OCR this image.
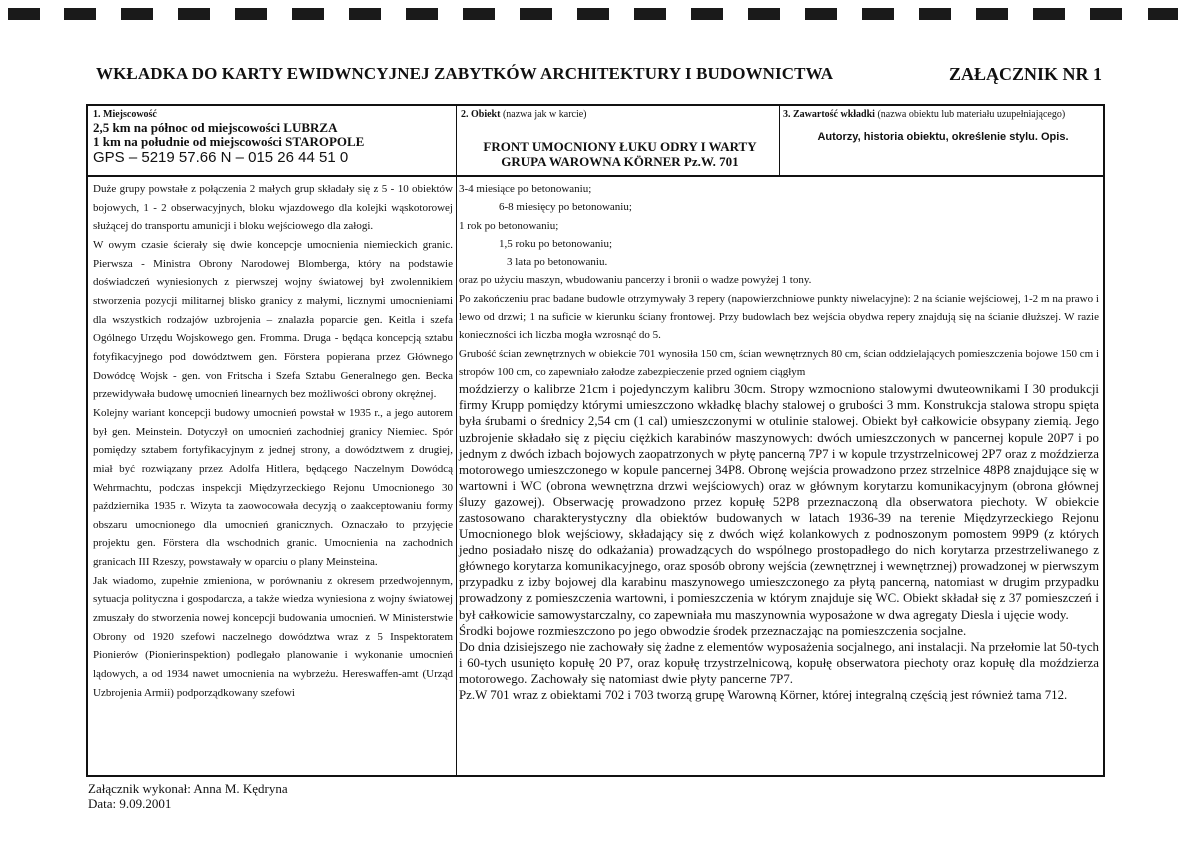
WKŁADKA DO KARTY EWIDWNCYJNEJ ZABYTKÓW ARCHITEKTURY I BUDOWNICTWA	ZAŁĄCZNIK NR 1
1. Miejscowość
2,5 km na północ od miejscowości LUBRZA
1 km na południe od miejscowości STAROPOLE
GPS – 5219 57.66 N – 015 26 44 51 0
2. Obiekt (nazwa jak w karcie)
FRONT UMOCNIONY ŁUKU ODRY I WARTY
GRUPA WAROWNA KÖRNER Pz.W. 701
3. Zawartość wkładki (nazwa obiektu lub materiału uzupełniającego)
Autorzy, historia obiektu, określenie stylu. Opis.

Duże grupy powstałe z połączenia 2 małych grup składały się z 5 - 10 obiektów bojowych, 1 - 2 obserwacyjnych, bloku wjazdowego dla kolejki wąskotorowej służącej do transportu amunicji i bloku wejściowego dla załogi.

W owym czasie ścierały się dwie koncepcje umocnienia niemieckich granic. Pierwsza - Ministra Obrony Narodowej Blomberga, który na podstawie doświadczeń wyniesionych z pierwszej wojny światowej był zwolennikiem stworzenia pozycji militarnej blisko granicy z małymi, licznymi umocnieniami dla wszystkich rodzajów uzbrojenia – znalazła poparcie gen. Keitla i szefa Ogólnego Urzędu Wojskowego gen. Fromma. Druga - będąca koncepcją sztabu fotyfikacyjnego pod dowództwem gen. Förstera popierana przez Głównego Dowódcę Wojsk - gen. von Fritscha i Szefa Sztabu Generalnego gen. Becka przewidywała budowę umocnień linearnych bez możliwości obrony okrężnej.

Kolejny wariant koncepcji budowy umocnień powstał w 1935 r., a jego autorem był gen. Meinstein. Dotyczył on umocnień zachodniej granicy Niemiec. Spór pomiędzy sztabem fortyfikacyjnym z jednej strony, a dowództwem z drugiej, miał być rozwiązany przez Adolfa Hitlera, będącego Naczelnym Dowódcą Wehrmachtu, podczas inspekcji Międzyrzeckiego Rejonu Umocnionego 30 października 1935 r. Wizyta ta zaowocowała decyzją o zaakceptowaniu formy obszaru umocnionego dla umocnień granicznych. Oznaczało to przyjęcie projektu gen. Förstera dla wschodnich granic. Umocnienia na zachodnich granicach III Rzeszy, powstawały w oparciu o plany Meinsteina.

Jak wiadomo, zupełnie zmieniona, w porównaniu z okresem przedwojennym, sytuacja polityczna i gospodarcza, a także wiedza wyniesiona z wojny światowej zmuszały do stworzenia nowej koncepcji budowania umocnień. W Ministerstwie Obrony od 1920 szefowi naczelnego dowództwa wraz z 5 Inspektoratem Pionierów (Pionierinspektion) podlegało planowanie i wykonanie umocnień lądowych, a od 1934 nawet umocnienia na wybrzeżu. Hereswaffen-amt (Urząd Uzbrojenia Armii) podporządkowany szefowi

3-4 miesiące po betonowaniu;

6-8 miesięcy po betonowaniu;

1 rok po betonowaniu;

1,5 roku po betonowaniu;

3 lata po betonowaniu.

oraz po użyciu maszyn, wbudowaniu pancerzy i bronii o wadze powyżej 1 tony.

Po zakończeniu prac badane budowle otrzymywały 3 repery (napowierzchniowe punkty niwelacyjne): 2 na ścianie wejściowej, 1-2 m na prawo i lewo od drzwi; 1 na suficie w kierunku ściany frontowej. Przy budowlach bez wejścia obydwa repery znajdują się na ścianie dłuższej. W razie konieczności ich liczba mogła wzrosnąć do 5.

Grubość ścian zewnętrznych w obiekcie 701 wynosiła 150 cm, ścian wewnętrznych 80 cm, ścian oddzielających pomieszczenia bojowe 150 cm i stropów 100 cm, co zapewniało załodze zabezpieczenie przed ogniem ciągłym

moździerzy o kalibrze 21cm i pojedynczym kalibru 30cm. Stropy wzmocniono stalowymi dwuteownikami I 30 produkcji firmy Krupp pomiędzy którymi umieszczono wkładkę blachy stalowej o grubości 3 mm. Konstrukcja stalowa stropu spięta była śrubami o średnicy 2,54 cm (1 cal) umieszczonymi w otulinie stalowej. Obiekt był całkowicie obsypany ziemią. Jego uzbrojenie składało się z pięciu ciężkich karabinów maszynowych: dwóch umieszczonych w pancernej kopule 20P7 i po jednym z dwóch izbach bojowych zaopatrzonych w płytę pancerną 7P7 i w kopule trzystrzelnicowej 2P7 oraz z moździerza motorowego umieszczonego w kopule pancernej 34P8. Obronę wejścia prowadzono przez strzelnice 48P8 znajdujące się w wartowni i WC (obrona wewnętrzna drzwi wejściowych) oraz w głównym korytarzu komunikacyjnym (obrona głównej śluzy gazowej). Obserwację prowadzono przez kopułę 52P8 przeznaczoną dla obserwatora piechoty. W obiekcie zastosowano charakterystyczny dla obiektów budowanych w latach 1936-39 na terenie Międzyrzeckiego Rejonu Umocnionego blok wejściowy, składający się z dwóch więź kolankowych z podnoszonym pomostem 99P9 (z których jedno posiadało niszę do odkażania) prowadzących do wspólnego prostopadłego do nich korytarza przestrzeliwanego z głównego korytarza komunikacyjnego, oraz sposób obrony wejścia (zewnętrznej i wewnętrznej) prowadzonej w pierwszym przypadku z izby bojowej dla karabinu maszynowego umieszczonego za płytą pancerną, natomiast w drugim przypadku prowadzony z pomieszczenia wartowni, i pomieszczenia w którym znajduje się WC. Obiekt składał się z 37 pomieszczeń i był całkowicie samowystarczalny, co zapewniała mu maszynownia wyposażone w dwa agregaty Diesla i ujęcie wody.

Środki bojowe rozmieszczono po jego obwodzie środek przeznaczając na pomieszczenia socjalne.

Do dnia dzisiejszego nie zachowały się żadne z elementów wyposażenia socjalnego, ani instalacji. Na przełomie lat 50-tych i 60-tych usunięto kopułę 20 P7, oraz kopułę trzystrzelnicową, kopułę obserwatora piechoty oraz kopułę dla moździerza motorowego. Zachowały się natomiast dwie płyty pancerne 7P7.

Pz.W 701 wraz z obiektami 702 i 703 tworzą grupę Warowną Körner, której integralną częścią jest również tama 712.

Załącznik wykonał: Anna M. Kędryna
Data: 9.09.2001
